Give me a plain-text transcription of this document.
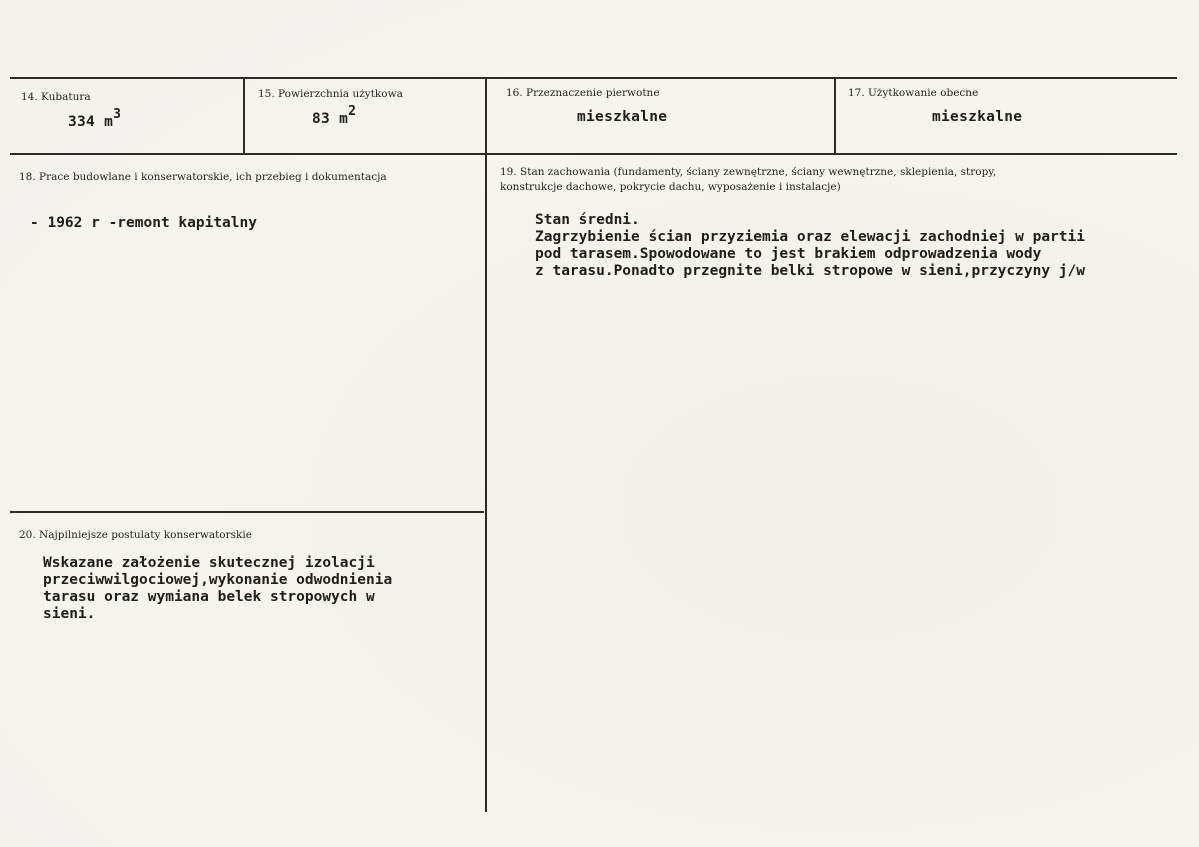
14. Kubatura
334 m3
15. Powierzchnia użytkowa
83 m2
16. Przeznaczenie pierwotne
mieszkalne
17. Użytkowanie obecne
mieszkalne
18. Prace budowlane i konserwatorskie, ich przebieg i dokumentacja
- 1962 r -remont kapitalny
19. Stan zachowania (fundamenty, ściany zewnętrzne, ściany wewnętrzne, sklepienia, stropy,
konstrukcje dachowe, pokrycie dachu, wyposażenie i instalacje)
Stan średni.
Zagrzybienie ścian przyziemia oraz elewacji zachodniej w partii
pod tarasem.Spowodowane to jest brakiem odprowadzenia wody
z tarasu.Ponadto przegnite belki stropowe w sieni,przyczyny j/w
20. Najpilniejsze postulaty konserwatorskie
Wskazane założenie skutecznej izolacji
przeciwwilgociowej,wykonanie odwodnienia
tarasu oraz wymiana belek stropowych w
sieni.
